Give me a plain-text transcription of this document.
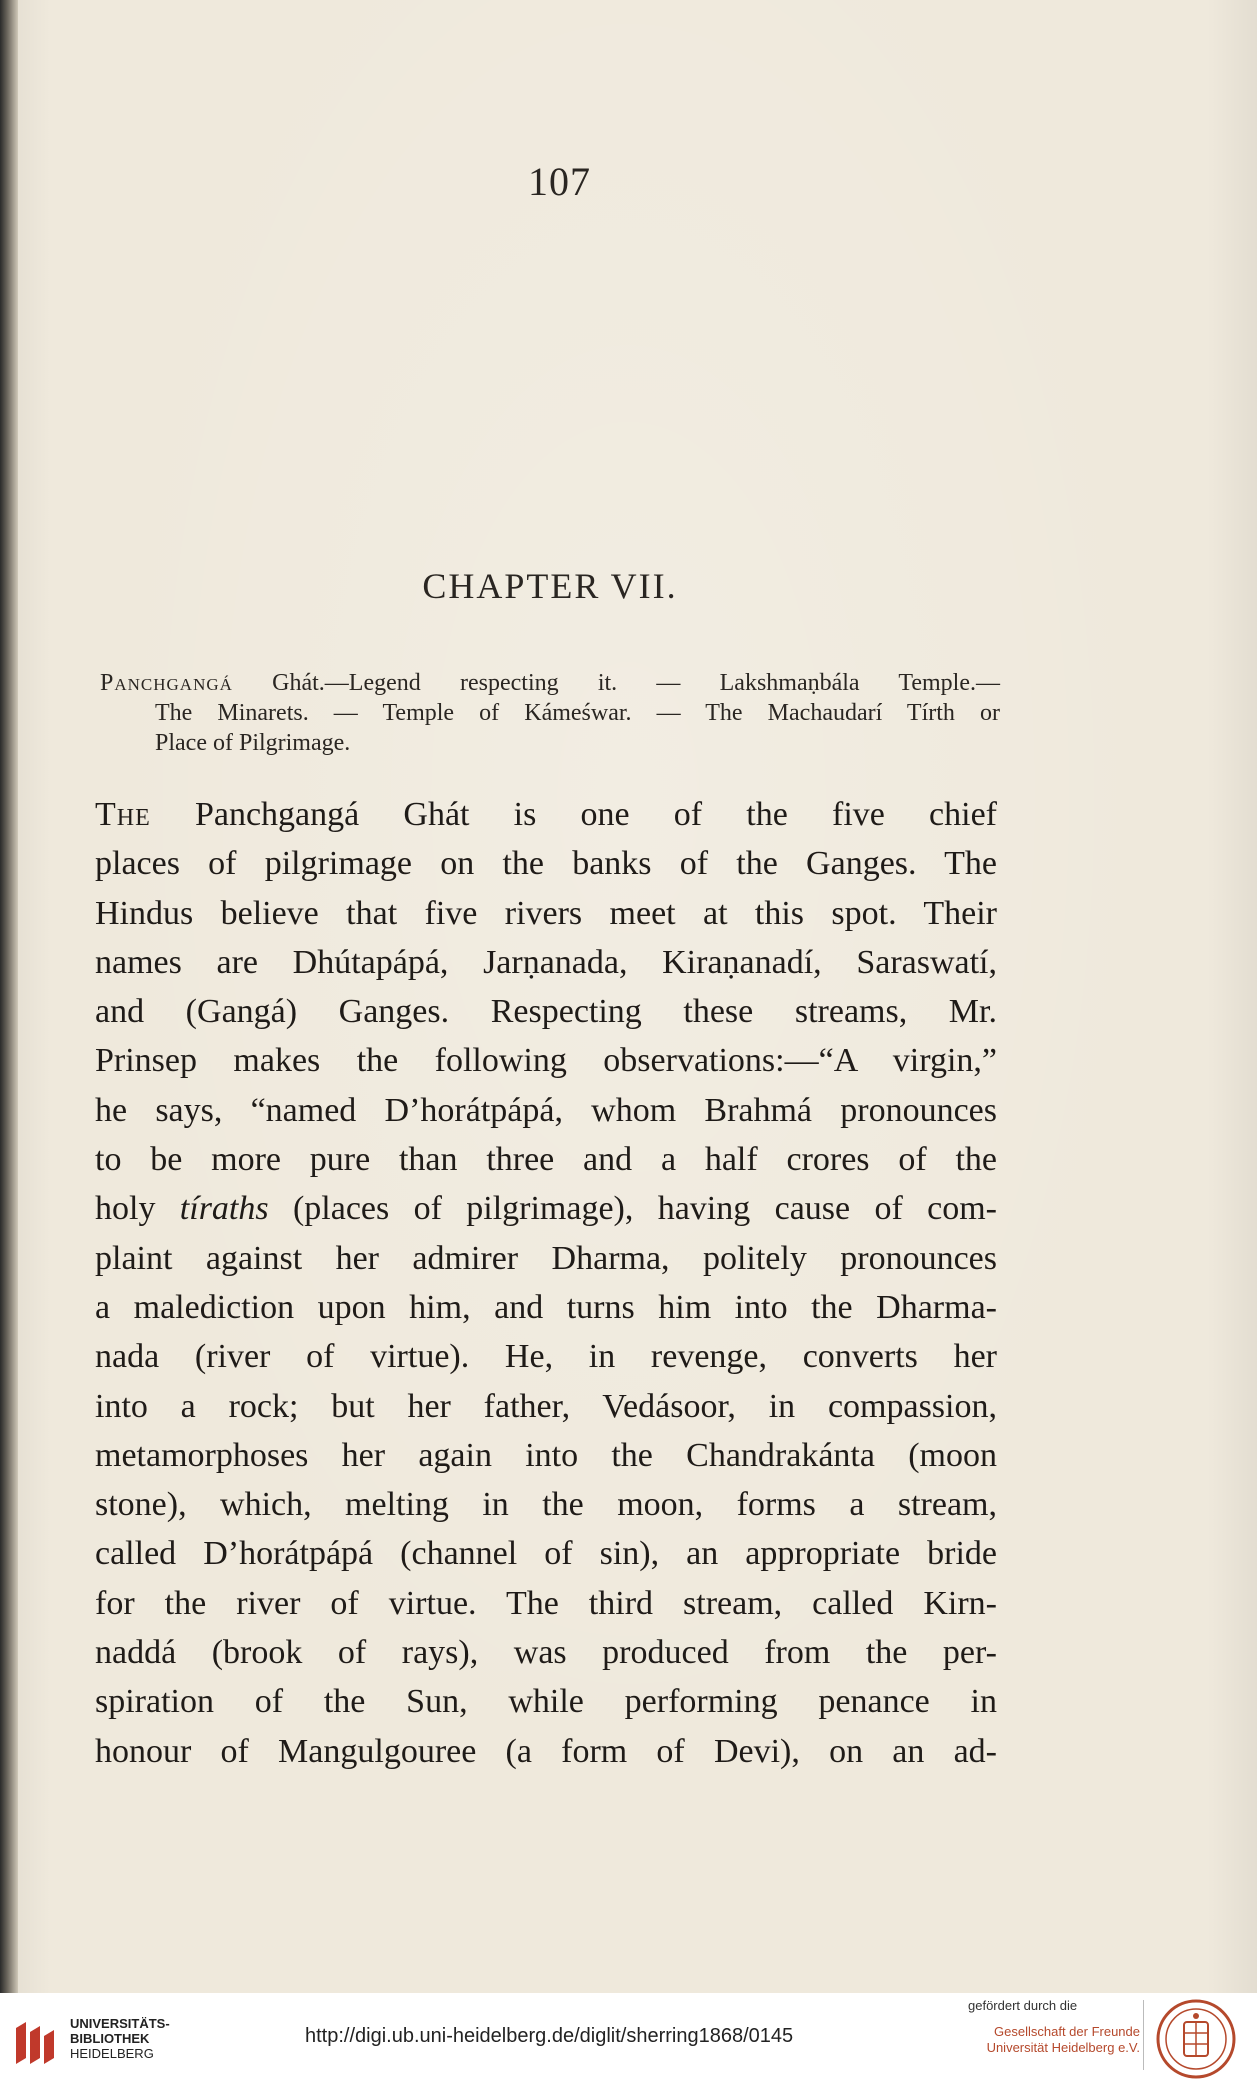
107
CHAPTER VII.
Panchgangá Ghát.—Legend respecting it. — Lakshmaṇbála Temple.—
The Minarets. — Temple of Kámeśwar. — The Machaudarí Tírth or
Place of Pilgrimage.
The Panchgangá Ghát is one of the five chief
places of pilgrimage on the banks of the Ganges. The
Hindus believe that five rivers meet at this spot. Their
names are Dhútapápá, Jarṇanada, Kiraṇanadí, Saraswatí,
and (Gangá) Ganges. Respecting these streams, Mr.
Prinsep makes the following observations:—“A virgin,”
he says, “named D’horátpápá, whom Brahmá pronounces
to be more pure than three and a half crores of the
holy tíraths (places of pilgrimage), having cause of com-
plaint against her admirer Dharma, politely pronounces
a malediction upon him, and turns him into the Dharma-
nada (river of virtue). He, in revenge, converts her
into a rock; but her father, Vedásoor, in compassion,
metamorphoses her again into the Chandrakánta (moon
stone), which, melting in the moon, forms a stream,
called D’horátpápá (channel of sin), an appropriate bride
for the river of virtue. The third stream, called Kirn-
naddá (brook of rays), was produced from the per-
spiration of the Sun, while performing penance in
honour of Mangulgouree (a form of Devi), on an ad-
UNIVERSITÄTS-
BIBLIOTHEK
HEIDELBERG
http://digi.ub.uni-heidelberg.de/diglit/sherring1868/0145
gefördert durch die
Gesellschaft der Freunde
Universität Heidelberg e.V.
